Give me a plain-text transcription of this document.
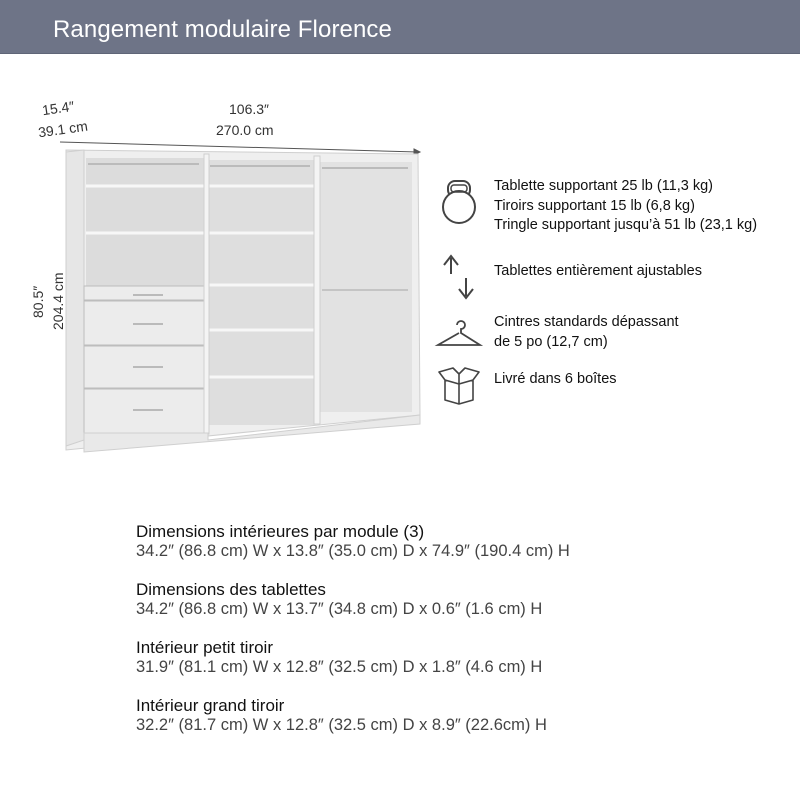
Rangement modulaire Florence
15.4″
39.1 cm
106.3″
270.0 cm
80.5″ 204.4 cm
Tablette supportant 25 lb (11,3 kg)
Tiroirs supportant 15 lb (6,8 kg)
Tringle supportant jusqu’à 51 lb (23,1 kg)
Tablettes entièrement ajustables
Cintres standards dépassant
de 5 po (12,7 cm)
Livré dans 6 boîtes
Dimensions intérieures par module (3)
34.2″ (86.8 cm) W x 13.8″ (35.0 cm) D x 74.9″ (190.4 cm) H
Dimensions des tablettes
34.2″ (86.8 cm) W x 13.7″ (34.8 cm) D x 0.6″ (1.6 cm) H
Intérieur petit tiroir
31.9″ (81.1 cm) W x 12.8″ (32.5 cm) D x 1.8″ (4.6 cm) H
Intérieur grand tiroir
32.2″ (81.7 cm) W x 12.8″ (32.5 cm) D x 8.9″ (22.6cm) H
